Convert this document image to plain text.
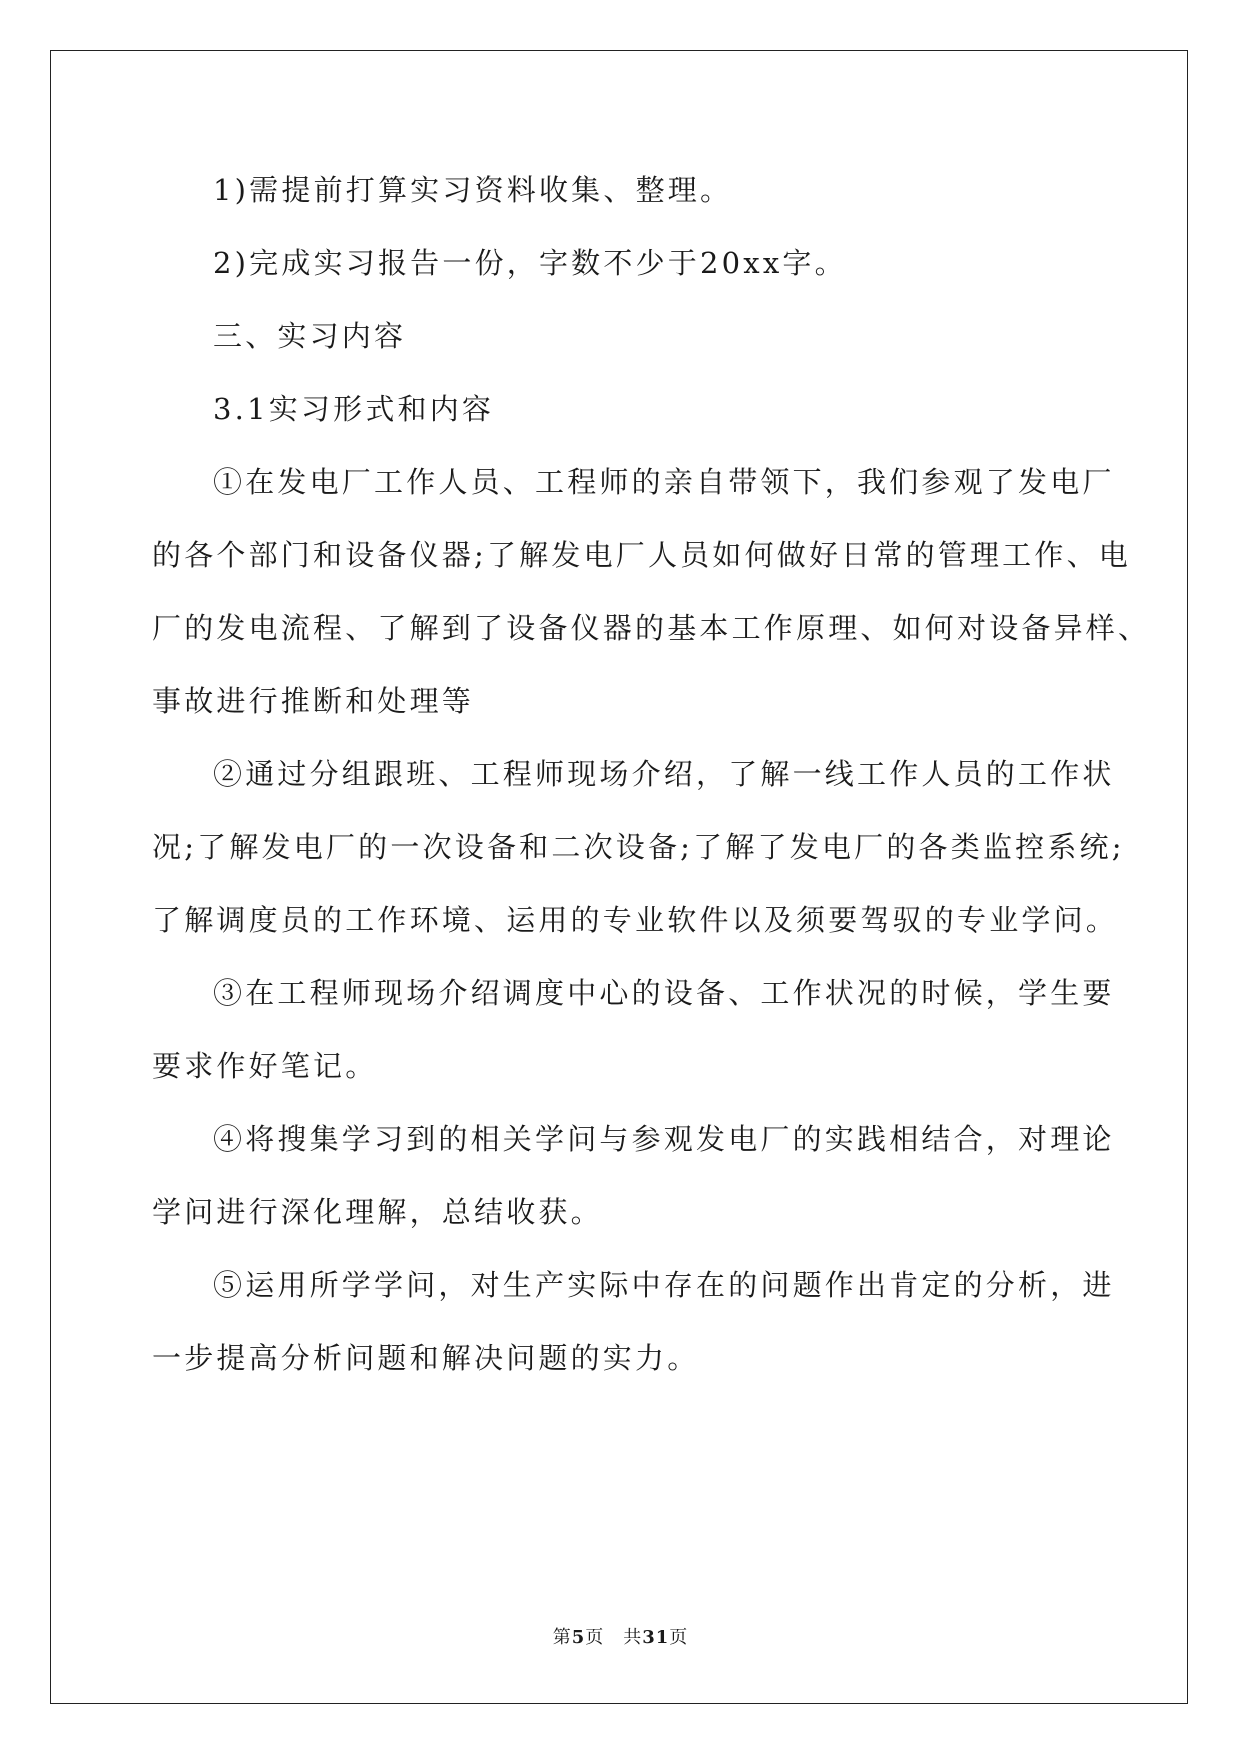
1)需提前打算实习资料收集、整理。
2)完成实习报告一份，字数不少于20xx字。
三、实习内容
3.1实习形式和内容
①在发电厂工作人员、工程师的亲自带领下，我们参观了发电厂
的各个部门和设备仪器;了解发电厂人员如何做好日常的管理工作、电
厂的发电流程、了解到了设备仪器的基本工作原理、如何对设备异样、
事故进行推断和处理等
②通过分组跟班、工程师现场介绍，了解一线工作人员的工作状
况;了解发电厂的一次设备和二次设备;了解了发电厂的各类监控系统;
了解调度员的工作环境、运用的专业软件以及须要驾驭的专业学问。
③在工程师现场介绍调度中心的设备、工作状况的时候，学生要
要求作好笔记。
④将搜集学习到的相关学问与参观发电厂的实践相结合，对理论
学问进行深化理解，总结收获。
⑤运用所学学问，对生产实际中存在的问题作出肯定的分析，进
一步提高分析问题和解决问题的实力。
第5页　共31页
